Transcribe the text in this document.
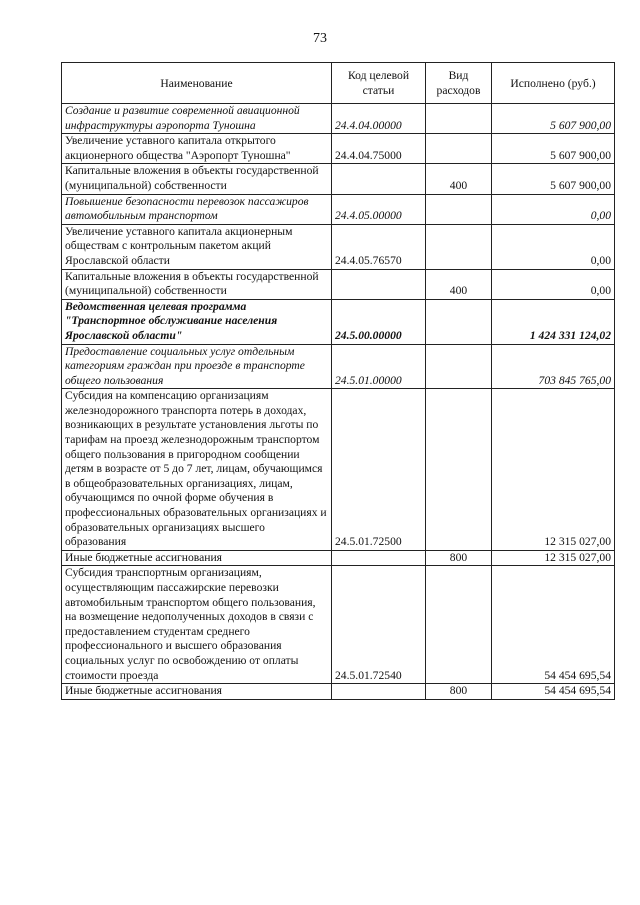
73
Наименование	Код целевой статьи	Вид расходов	Исполнено (руб.)
Создание и развитие современной авиационной инфраструктуры аэропорта Туношна	24.4.04.00000		5 607 900,00
Увеличение уставного капитала открытого акционерного общества "Аэропорт Туношна"	24.4.04.75000		5 607 900,00
Капитальные вложения в объекты государственной (муниципальной) собственности		400	5 607 900,00
Повышение безопасности перевозок пассажиров автомобильным транспортом	24.4.05.00000		0,00
Увеличение уставного капитала акционерным обществам с контрольным пакетом акций Ярославской области	24.4.05.76570		0,00
Капитальные вложения в объекты государственной (муниципальной) собственности		400	0,00
Ведомственная целевая программа "Транспортное обслуживание населения Ярославской области"	24.5.00.00000		1 424 331 124,02
Предоставление социальных услуг отдельным категориям граждан при проезде в транспорте общего пользования	24.5.01.00000		703 845 765,00
Субсидия на компенсацию организациям железнодорожного транспорта потерь в доходах, возникающих в результате установления льготы по тарифам на проезд железнодорожным транспортом общего пользования в пригородном сообщении детям в возрасте от 5 до 7 лет, лицам, обучающимся в общеобразовательных организациях, лицам, обучающимся по очной форме обучения в профессиональных образовательных организациях и образовательных организациях высшего образования	24.5.01.72500		12 315 027,00
Иные бюджетные ассигнования		800	12 315 027,00
Субсидия транспортным организациям, осуществляющим пассажирские перевозки автомобильным транспортом общего пользования, на возмещение недополученных доходов в связи с предоставлением студентам среднего профессионального и высшего образования социальных услуг по освобождению от оплаты стоимости проезда	24.5.01.72540		54 454 695,54
Иные бюджетные ассигнования		800	54 454 695,54
